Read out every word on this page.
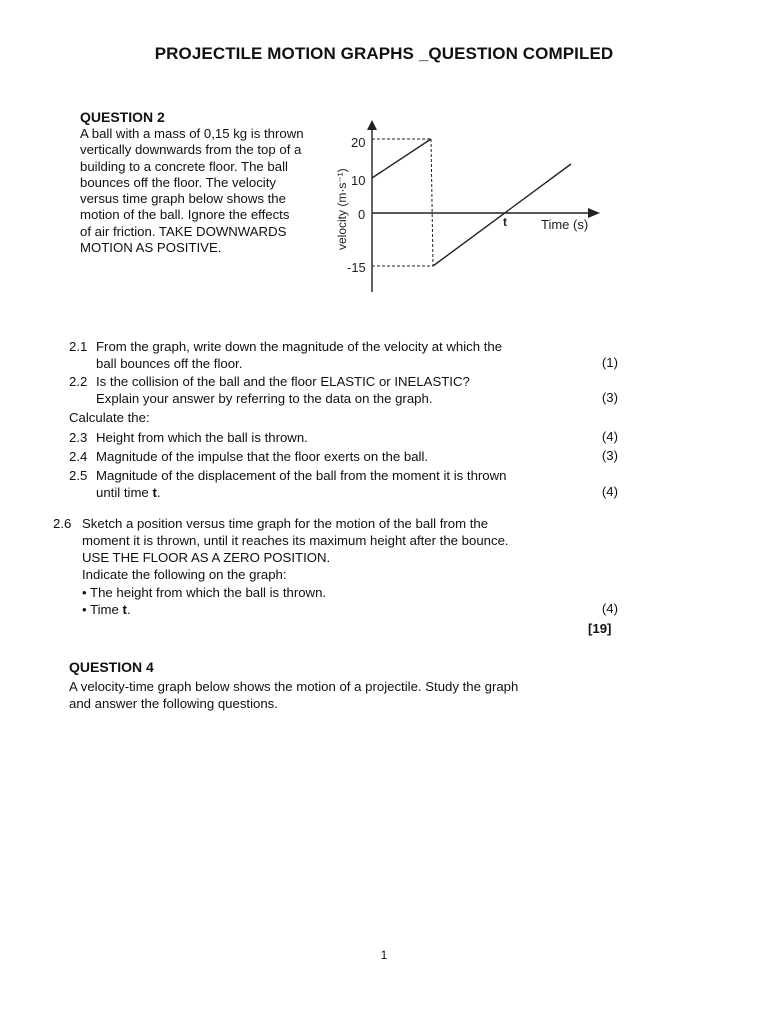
PROJECTILE MOTION GRAPHS _QUESTION COMPILED
QUESTION 2
A ball with a mass of 0,15 kg is thrown
vertically downwards from the top of a
building to a concrete floor. The ball
bounces off the floor. The velocity
versus time graph below shows the
motion of the ball. Ignore the effects
of air friction. TAKE DOWNWARDS
MOTION AS POSITIVE.
20
10
0
-15
velocity (m·s⁻¹)	Time (s)
t
2.1 From the graph, write down the magnitude of the velocity at which the
ball bounces off the floor.	(1)
2.2 Is the collision of the ball and the floor ELASTIC or INELASTIC?
Explain your answer by referring to the data on the graph.	(3)
Calculate the:
2.3 Height from which the ball is thrown.	(4)
2.4 Magnitude of the impulse that the floor exerts on the ball.	(3)
2.5 Magnitude of the displacement of the ball from the moment it is thrown
until time t.	(4)
2.6 Sketch a position versus time graph for the motion of the ball from the
moment it is thrown, until it reaches its maximum height after the bounce.
USE THE FLOOR AS A ZERO POSITION.
Indicate the following on the graph:
• The height from which the ball is thrown.
• Time t.	(4)
[19]
QUESTION 4
A velocity-time graph below shows the motion of a projectile. Study the graph
and answer the following questions.
1
